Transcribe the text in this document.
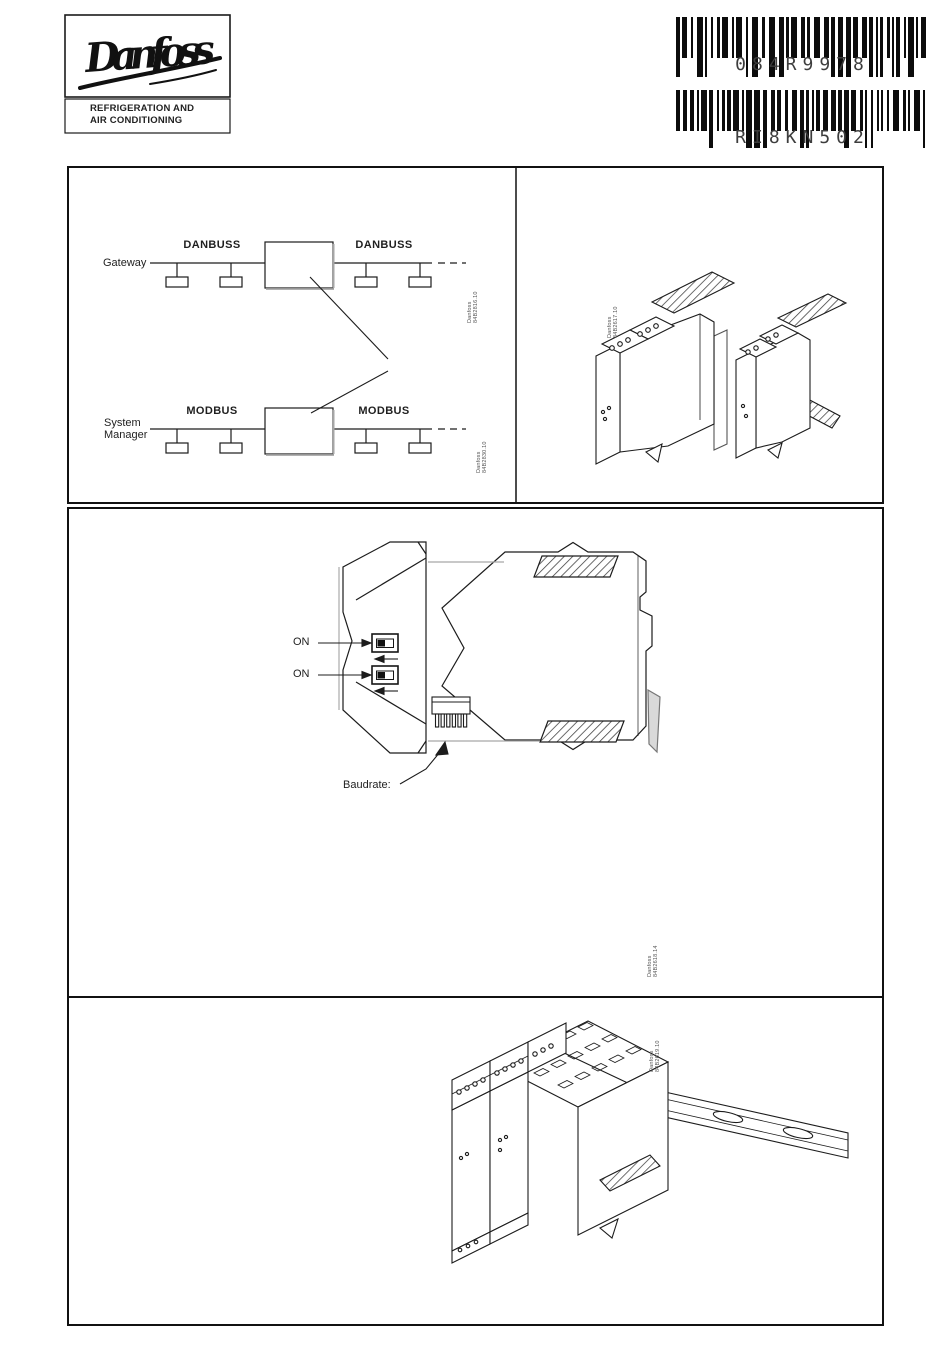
Danfoss
REFRIGERATION AND
AIR CONDITIONING
084R9978
RI8KN502
Gateway
DANBUSS	DANBUSS
Danfoss
84B2816.10
System
Manager
MODBUS	MODBUS
Danfoss
84B2830.10
Danfoss
84B2617.10
ON
ON
Baudrate:
Danfoss
84B2618.14
Danfoss
84B2619.10
